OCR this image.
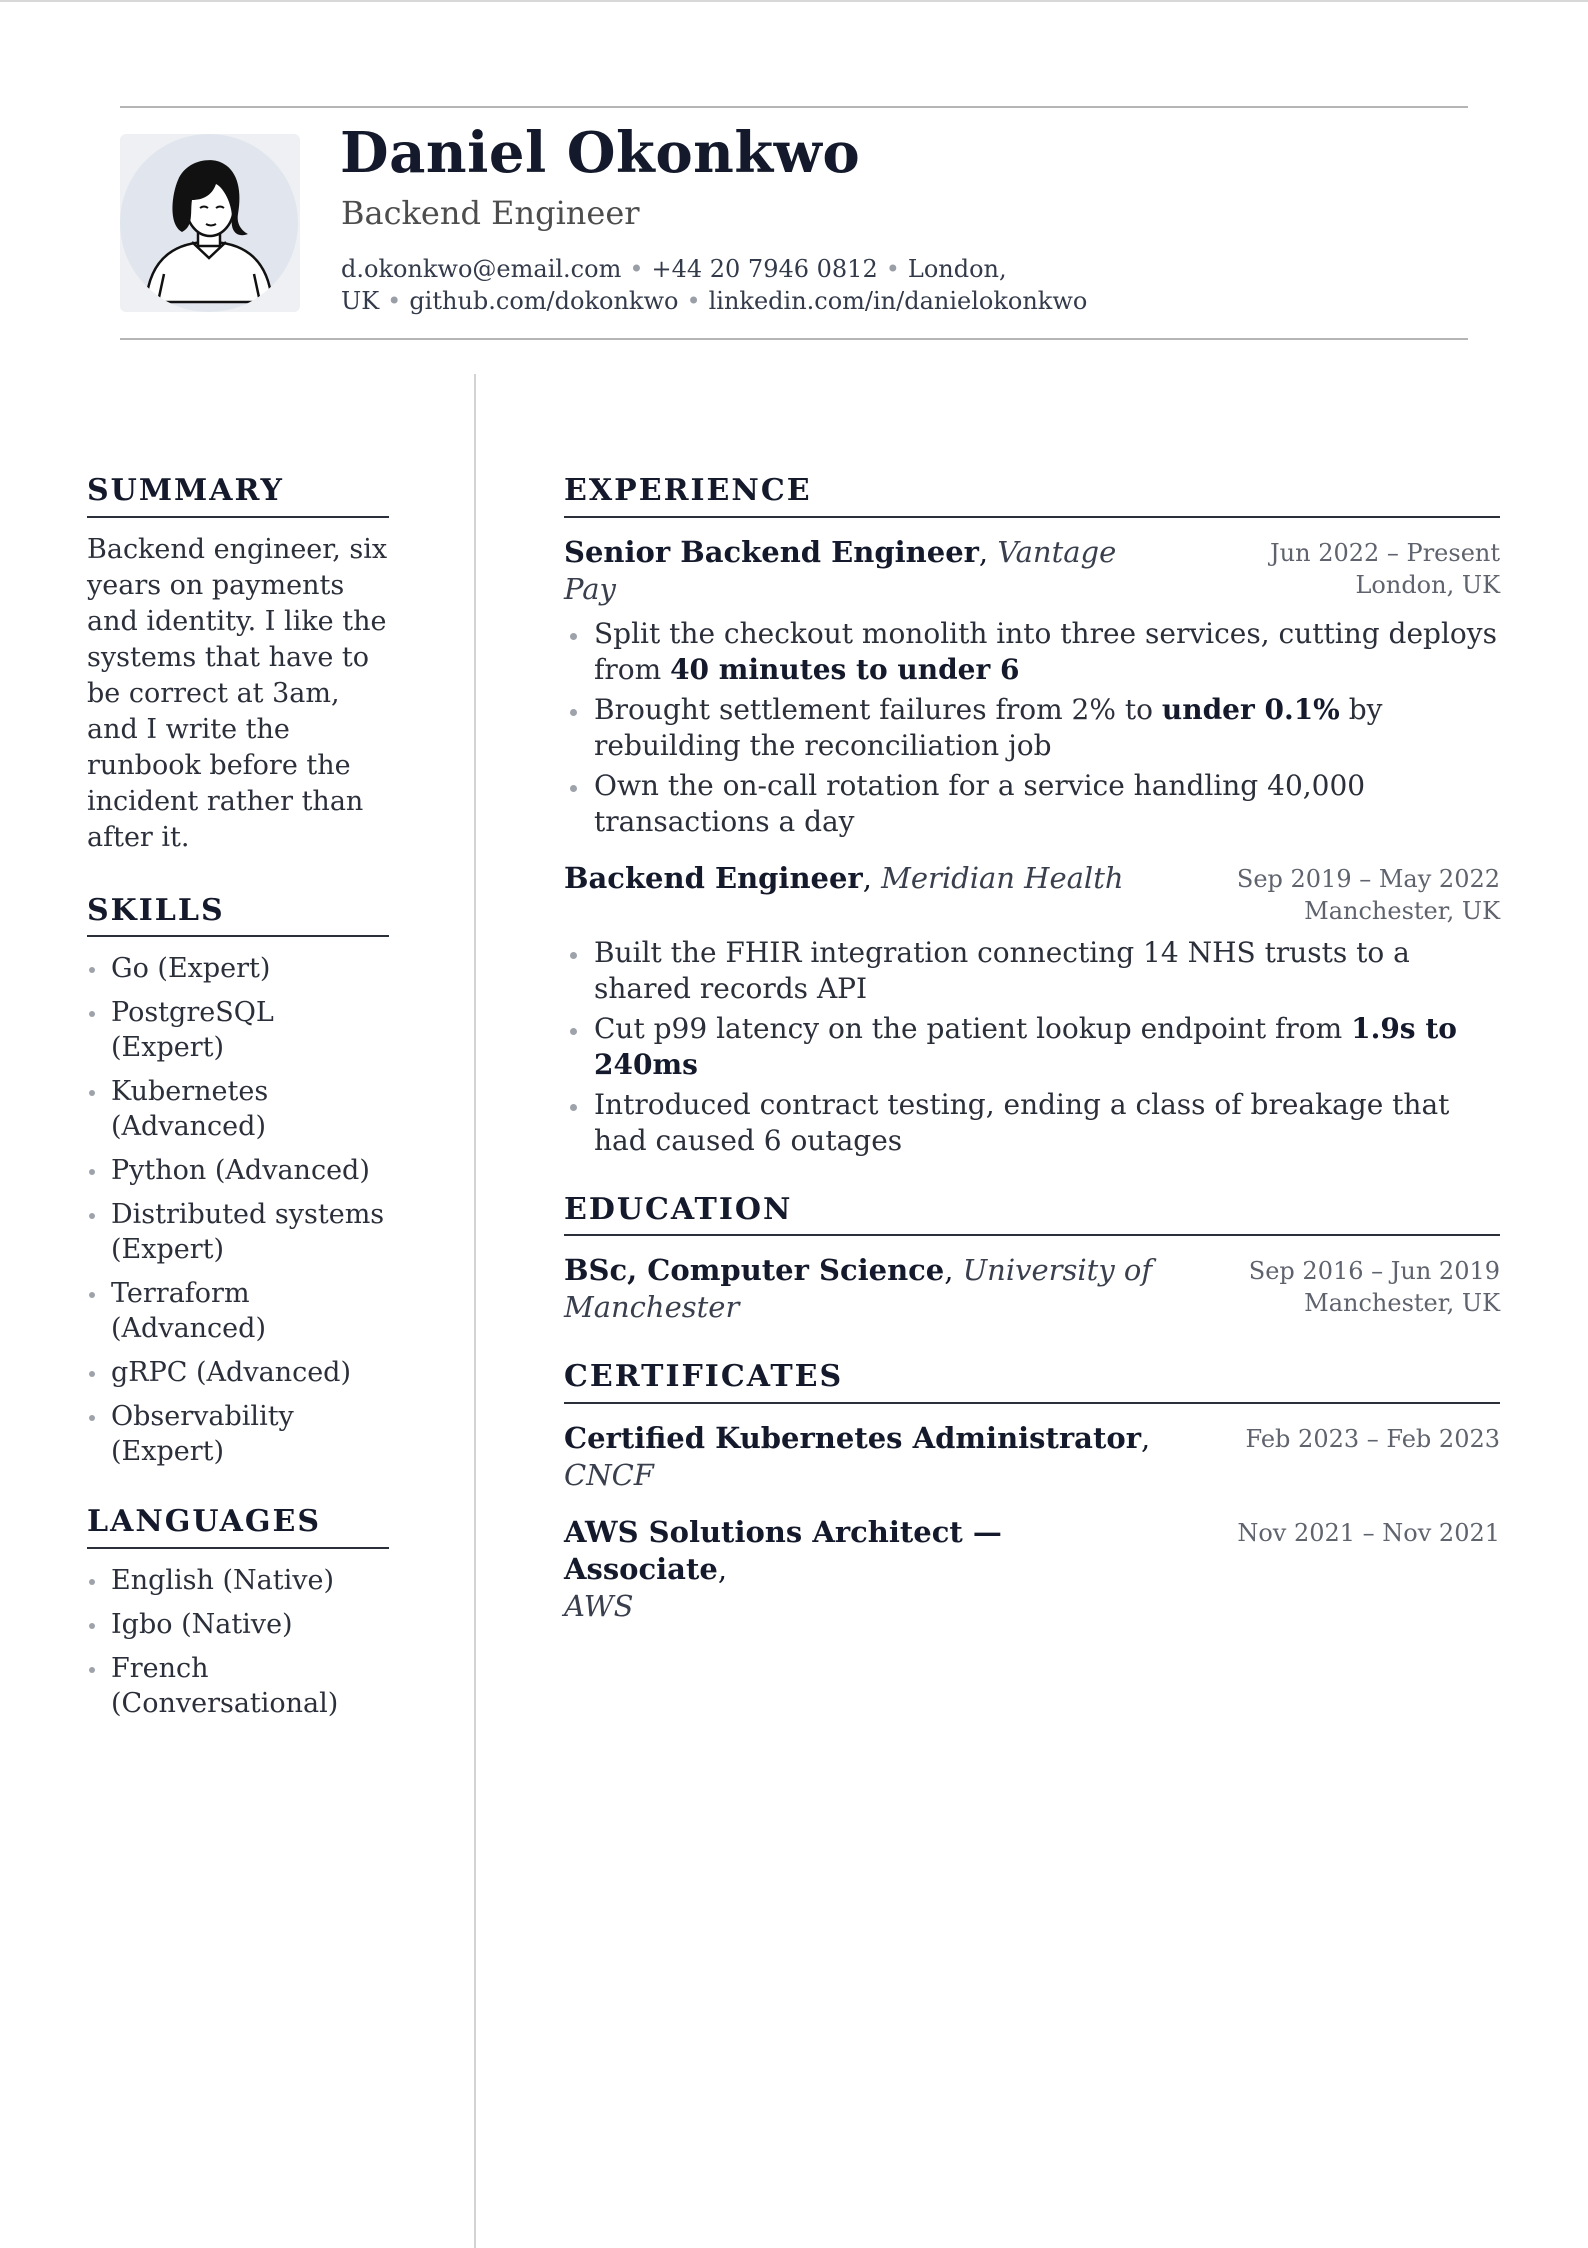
Daniel Okonkwo
Backend Engineer
d.okonkwo@email.com • +44 20 7946 0812 • London,
UK • github.com/dokonkwo • linkedin.com/in/danielokonkwo
SUMMARY
Backend engineer, six years on payments and identity. I like the systems that have to be correct at 3am, and I write the runbook before the incident rather than after it.
SKILLS
Go (Expert)
PostgreSQL (Expert)
Kubernetes (Advanced)
Python (Advanced)
Distributed systems (Expert)
Terraform (Advanced)
gRPC (Advanced)
Observability (Expert)
LANGUAGES
English (Native)
Igbo (Native)
French (Conversational)
EXPERIENCE
Senior Backend Engineer, Vantage Pay
Jun 2022 – Present
London, UK
Split the checkout monolith into three services, cutting deploys from 40 minutes to under 6
Brought settlement failures from 2% to under 0.1% by rebuilding the reconciliation job
Own the on-call rotation for a service handling 40,000 transactions a day
Backend Engineer, Meridian Health	Sep 2019 – May 2022
Manchester, UK
Built the FHIR integration connecting 14 NHS trusts to a shared records API
Cut p99 latency on the patient lookup endpoint from 1.9s to 240ms
Introduced contract testing, ending a class of breakage that had caused 6 outages
EDUCATION
BSc, Computer Science, University of Manchester
Sep 2016 – Jun 2019
Manchester, UK
CERTIFICATES
Certified Kubernetes Administrator,
CNCF
Feb 2023 – Feb 2023
AWS Solutions Architect — Associate,
AWS
Nov 2021 – Nov 2021
